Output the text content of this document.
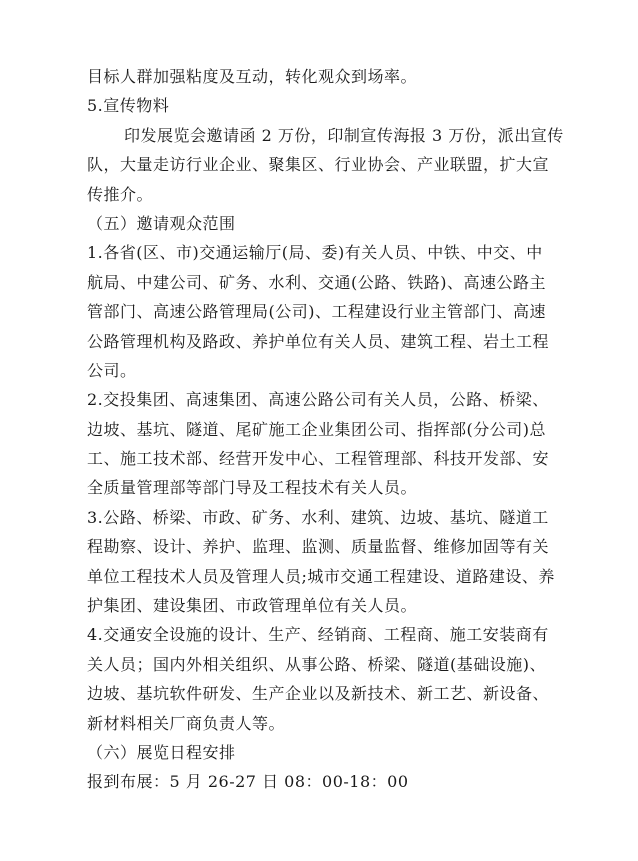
目标人群加强粘度及互动，转化观众到场率。
5.宣传物料
印发展览会邀请函 2 万份，印制宣传海报 3 万份，派出宣传
队，大量走访行业企业、聚集区、行业协会、产业联盟，扩大宣
传推介。
（五）邀请观众范围
1.各省(区、市)交通运输厅(局、委)有关人员、中铁、中交、中
航局、中建公司、矿务、水利、交通(公路、铁路)、高速公路主
管部门、高速公路管理局(公司)、工程建设行业主管部门、高速
公路管理机构及路政、养护单位有关人员、建筑工程、岩土工程
公司。
2.交投集团、高速集团、高速公路公司有关人员，公路、桥梁、
边坡、基坑、隧道、尾矿施工企业集团公司、指挥部(分公司)总
工、施工技术部、经营开发中心、工程管理部、科技开发部、安
全质量管理部等部门导及工程技术有关人员。
3.公路、桥梁、市政、矿务、水利、建筑、边坡、基坑、隧道工
程勘察、设计、养护、监理、监测、质量监督、维修加固等有关
单位工程技术人员及管理人员;城市交通工程建设、道路建设、养
护集团、建设集团、市政管理单位有关人员。
4.交通安全设施的设计、生产、经销商、工程商、施工安装商有
关人员；国内外相关组织、从事公路、桥梁、隧道(基础设施)、
边坡、基坑软件研发、生产企业以及新技术、新工艺、新设备、
新材料相关厂商负责人等。
（六）展览日程安排
报到布展：5 月 26-27 日 08：00-18：00
